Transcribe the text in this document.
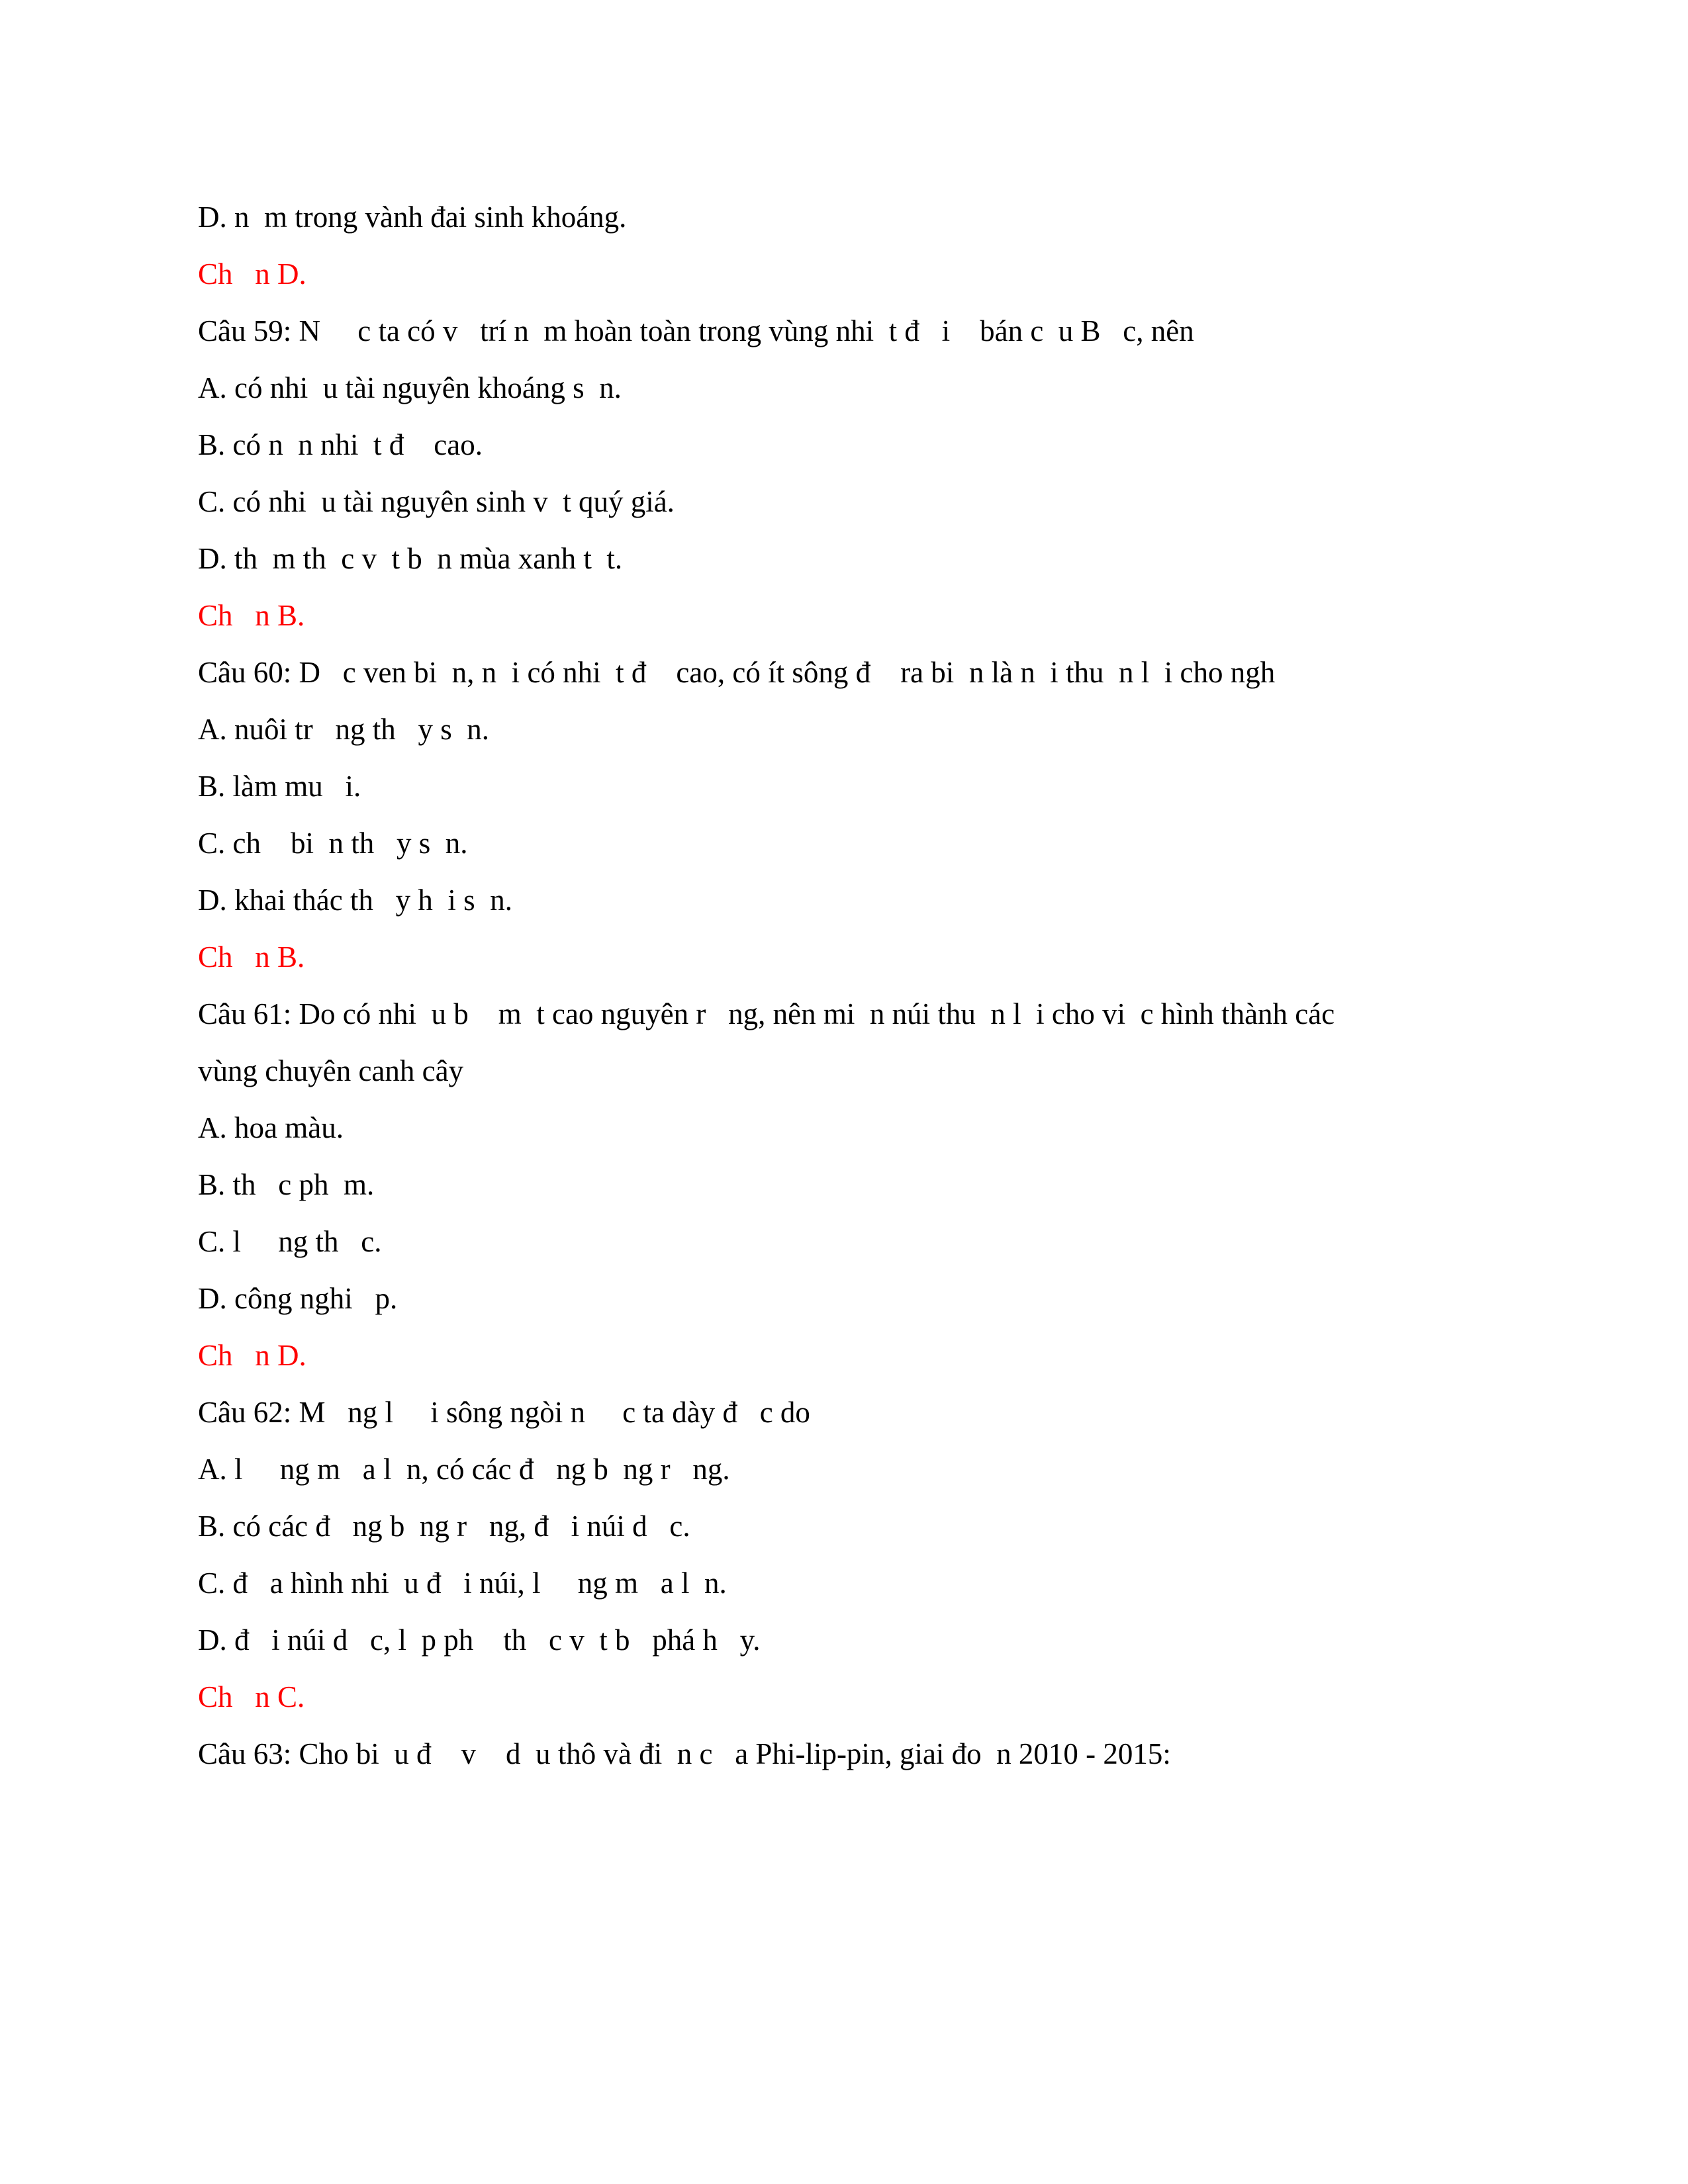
D. n  m trong vành đai sinh khoáng.
Ch   n D.
Câu 59: N     c ta có v   trí n  m hoàn toàn trong vùng nhi  t đ   i    bán c  u B   c, nên
A. có nhi  u tài nguyên khoáng s  n.
B. có n  n nhi  t đ    cao.
C. có nhi  u tài nguyên sinh v  t quý giá.
D. th  m th  c v  t b  n mùa xanh t  t.
Ch   n B.
Câu 60: D   c ven bi  n, n  i có nhi  t đ    cao, có ít sông đ    ra bi  n là n  i thu  n l  i cho ngh
A. nuôi tr   ng th   y s  n.
B. làm mu   i.
C. ch    bi  n th   y s  n.
D. khai thác th   y h  i s  n.
Ch   n B.
Câu 61: Do có nhi  u b    m  t cao nguyên r   ng, nên mi  n núi thu  n l  i cho vi  c hình thành các
vùng chuyên canh cây
A. hoa màu.
B. th   c ph  m.
C. l     ng th   c.
D. công nghi   p.
Ch   n D.
Câu 62: M   ng l     i sông ngòi n     c ta dày đ   c do
A. l     ng m   a l  n, có các đ   ng b  ng r   ng.
B. có các đ   ng b  ng r   ng, đ   i núi d   c.
C. đ   a hình nhi  u đ   i núi, l     ng m   a l  n.
D. đ   i núi d   c, l  p ph    th   c v  t b   phá h   y.
Ch   n C.
Câu 63: Cho bi  u đ    v    d  u thô và đi  n c   a Phi-lip-pin, giai đo  n 2010 - 2015:
